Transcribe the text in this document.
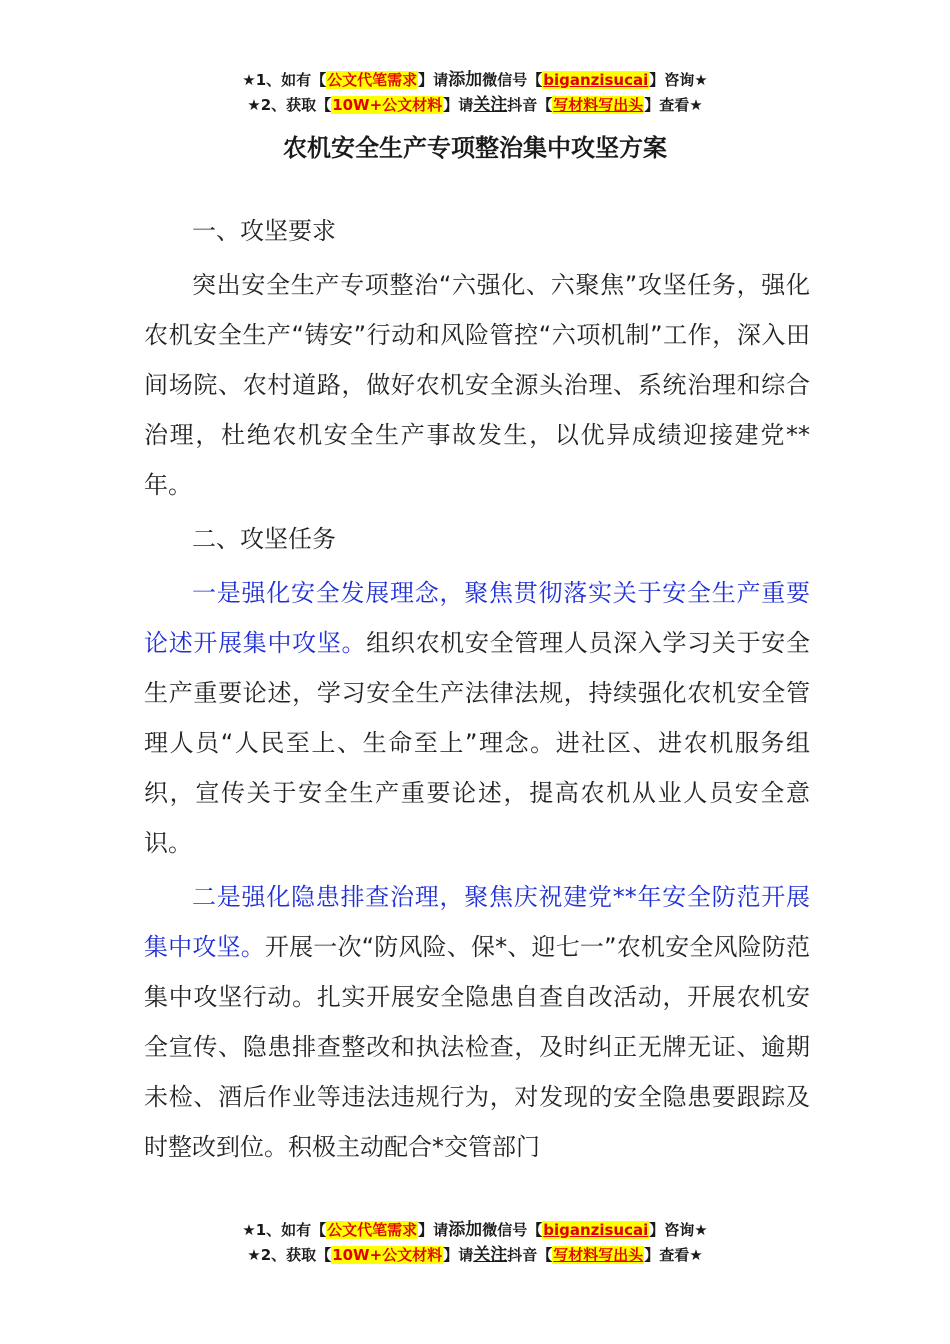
★1、如有【公文代笔需求】请添加微信号【biganzisucai】咨询★
★2、获取【10W+公文材料】请关注抖音【写材料写出头】查看★
农机安全生产专项整治集中攻坚方案

一、攻坚要求

突出安全生产专项整治“六强化、六聚焦”攻坚任务，强化农机安全生产“铸安”行动和风险管控“六项机制”工作，深入田间场院、农村道路，做好农机安全源头治理、系统治理和综合治理，杜绝农机安全生产事故发生，以优异成绩迎接建党**年。

二、攻坚任务

一是强化安全发展理念，聚焦贯彻落实关于安全生产重要论述开展集中攻坚。组织农机安全管理人员深入学习关于安全生产重要论述，学习安全生产法律法规，持续强化农机安全管理人员“人民至上、生命至上”理念。进社区、进农机服务组织，宣传关于安全生产重要论述，提高农机从业人员安全意识。

二是强化隐患排查治理，聚焦庆祝建党**年安全防范开展集中攻坚。开展一次“防风险、保*、迎七一”农机安全风险防范集中攻坚行动。扎实开展安全隐患自查自改活动，开展农机安全宣传、隐患排查整改和执法检查，及时纠正无牌无证、逾期未检、酒后作业等违法违规行为，对发现的安全隐患要跟踪及时整改到位。积极主动配合*交管部门

★1、如有【公文代笔需求】请添加微信号【biganzisucai】咨询★
★2、获取【10W+公文材料】请关注抖音【写材料写出头】查看★
